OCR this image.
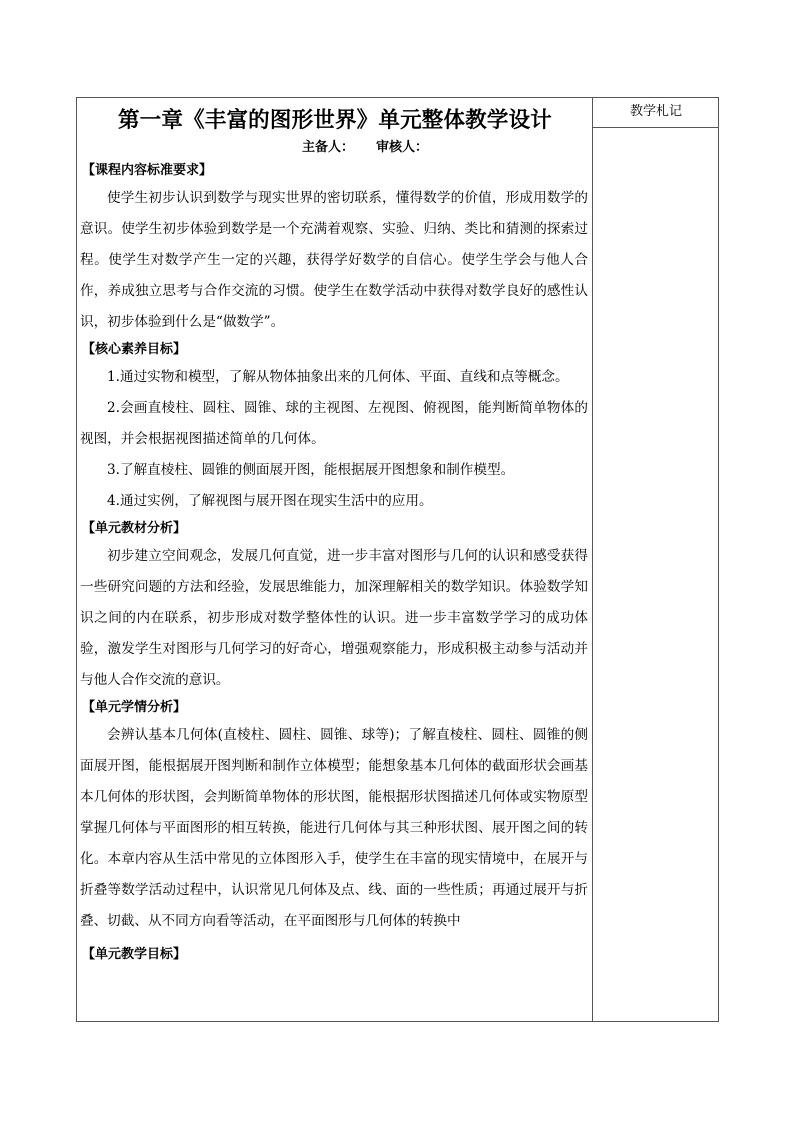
教学札记
第一章《丰富的图形世界》单元整体教学设计
主备人： 审核人：
【课程内容标准要求】

使学生初步认识到数学与现实世界的密切联系，懂得数学的价值，形成用数学的意识。使学生初步体验到数学是一个充满着观察、实验、归纳、类比和猜测的探索过程。使学生对数学产生一定的兴趣，获得学好数学的自信心。使学生学会与他人合作，养成独立思考与合作交流的习惯。使学生在数学活动中获得对数学良好的感性认识，初步体验到什么是“做数学”。

【核心素养目标】

1.通过实物和模型，了解从物体抽象出来的几何体、平面、直线和点等概念。

2.会画直棱柱、圆柱、圆锥、球的主视图、左视图、俯视图，能判断简单物体的视图，并会根据视图描述简单的几何体。

3.了解直棱柱、圆锥的侧面展开图，能根据展开图想象和制作模型。

4.通过实例，了解视图与展开图在现实生活中的应用。

【单元教材分析】

初步建立空间观念，发展几何直觉，进一步丰富对图形与几何的认识和感受获得一些研究问题的方法和经验，发展思维能力，加深理解相关的数学知识。体验数学知识之间的内在联系，初步形成对数学整体性的认识。进一步丰富数学学习的成功体验，激发学生对图形与几何学习的好奇心，增强观察能力，形成积极主动参与活动并与他人合作交流的意识。

【单元学情分析】

会辨认基本几何体(直棱柱、圆柱、圆锥、球等)；了解直棱柱、圆柱、圆锥的侧面展开图，能根据展开图判断和制作立体模型；能想象基本几何体的截面形状会画基本几何体的形状图，会判断简单物体的形状图，能根据形状图描述几何体或实物原型掌握几何体与平面图形的相互转换，能进行几何体与其三种形状图、展开图之间的转化。本章内容从生活中常见的立体图形入手，使学生在丰富的现实情境中，在展开与折叠等数学活动过程中，认识常见几何体及点、线、面的一些性质；再通过展开与折叠、切截、从不同方向看等活动，在平面图形与几何体的转换中

【单元教学目标】
